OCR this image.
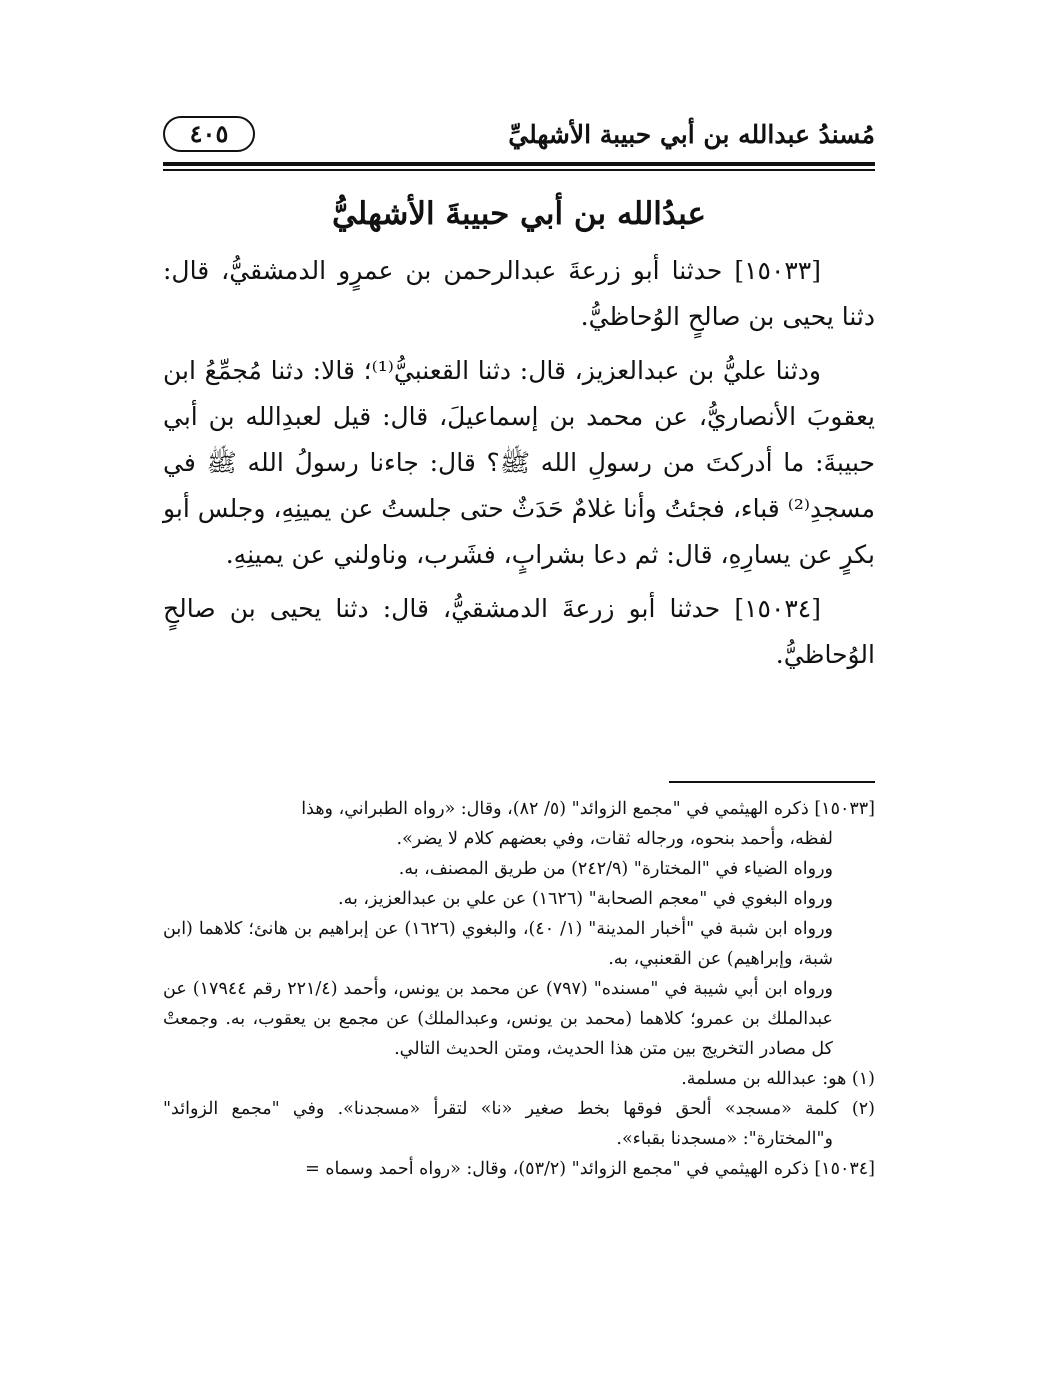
مُسندُ عبدالله بن أبي حبيبة الأشهليِّ
٤٠٥
عبدُالله بن أبي حبيبةَ الأشهليُّ

[١٥٠٣٣] حدثنا أبو زرعةَ عبدالرحمن بن عمرٍو الدمشقيُّ، قال: دثنا يحيى بن صالحٍ الوُحاظيُّ.

ودثنا عليُّ بن عبدالعزيز، قال: دثنا القعنبيُّ⁽¹⁾؛ قالا: دثنا مُجمِّعُ ابن يعقوبَ الأنصاريُّ، عن محمد بن إسماعيلَ، قال: قيل لعبدِالله بن أبي حبيبةَ: ما أدركتَ من رسولِ الله ﷺ؟ قال: جاءنا رسولُ الله ﷺ في مسجدِ⁽²⁾ قباء، فجئتُ وأنا غلامٌ حَدَثٌ حتى جلستُ عن يمينِهِ، وجلس أبو بكرٍ عن يسارِهِ، قال: ثم دعا بشرابٍ، فشَرب، وناولني عن يمينِهِ.

[١٥٠٣٤] حدثنا أبو زرعةَ الدمشقيُّ، قال: دثنا يحيى بن صالحٍ الوُحاظيُّ.

[١٥٠٣٣] ذكره الهيثمي في "مجمع الزوائد" (٥/ ٨٢)، وقال: «رواه الطبراني، وهذا

لفظه، وأحمد بنحوه، ورجاله ثقات، وفي بعضهم كلام لا يضر».

ورواه الضياء في "المختارة" (٢٤٢/٩) من طريق المصنف، به.

ورواه البغوي في "معجم الصحابة" (١٦٢٦) عن علي بن عبدالعزيز، به.

ورواه ابن شبة في "أخبار المدينة" (١/ ٤٠)، والبغوي (١٦٢٦) عن إبراهيم بن هانئ؛ كلاهما (ابن شبة، وإبراهيم) عن القعنبي، به.

ورواه ابن أبي شيبة في "مسنده" (٧٩٧) عن محمد بن يونس، وأحمد (٢٢١/٤ رقم ١٧٩٤٤) عن عبدالملك بن عمرو؛ كلاهما (محمد بن يونس، وعبدالملك) عن مجمع بن يعقوب، به. وجمعتْ كل مصادر التخريج بين متن هذا الحديث، ومتن الحديث التالي.

(١) هو: عبدالله بن مسلمة.

(٢) كلمة «مسجد» ألحق فوقها بخط صغير «نا» لتقرأ «مسجدنا». وفي "مجمع الزوائد" و"المختارة": «مسجدنا بقباء».

[١٥٠٣٤] ذكره الهيثمي في "مجمع الزوائد" (٥٣/٢)، وقال: «رواه أحمد وسماه =
